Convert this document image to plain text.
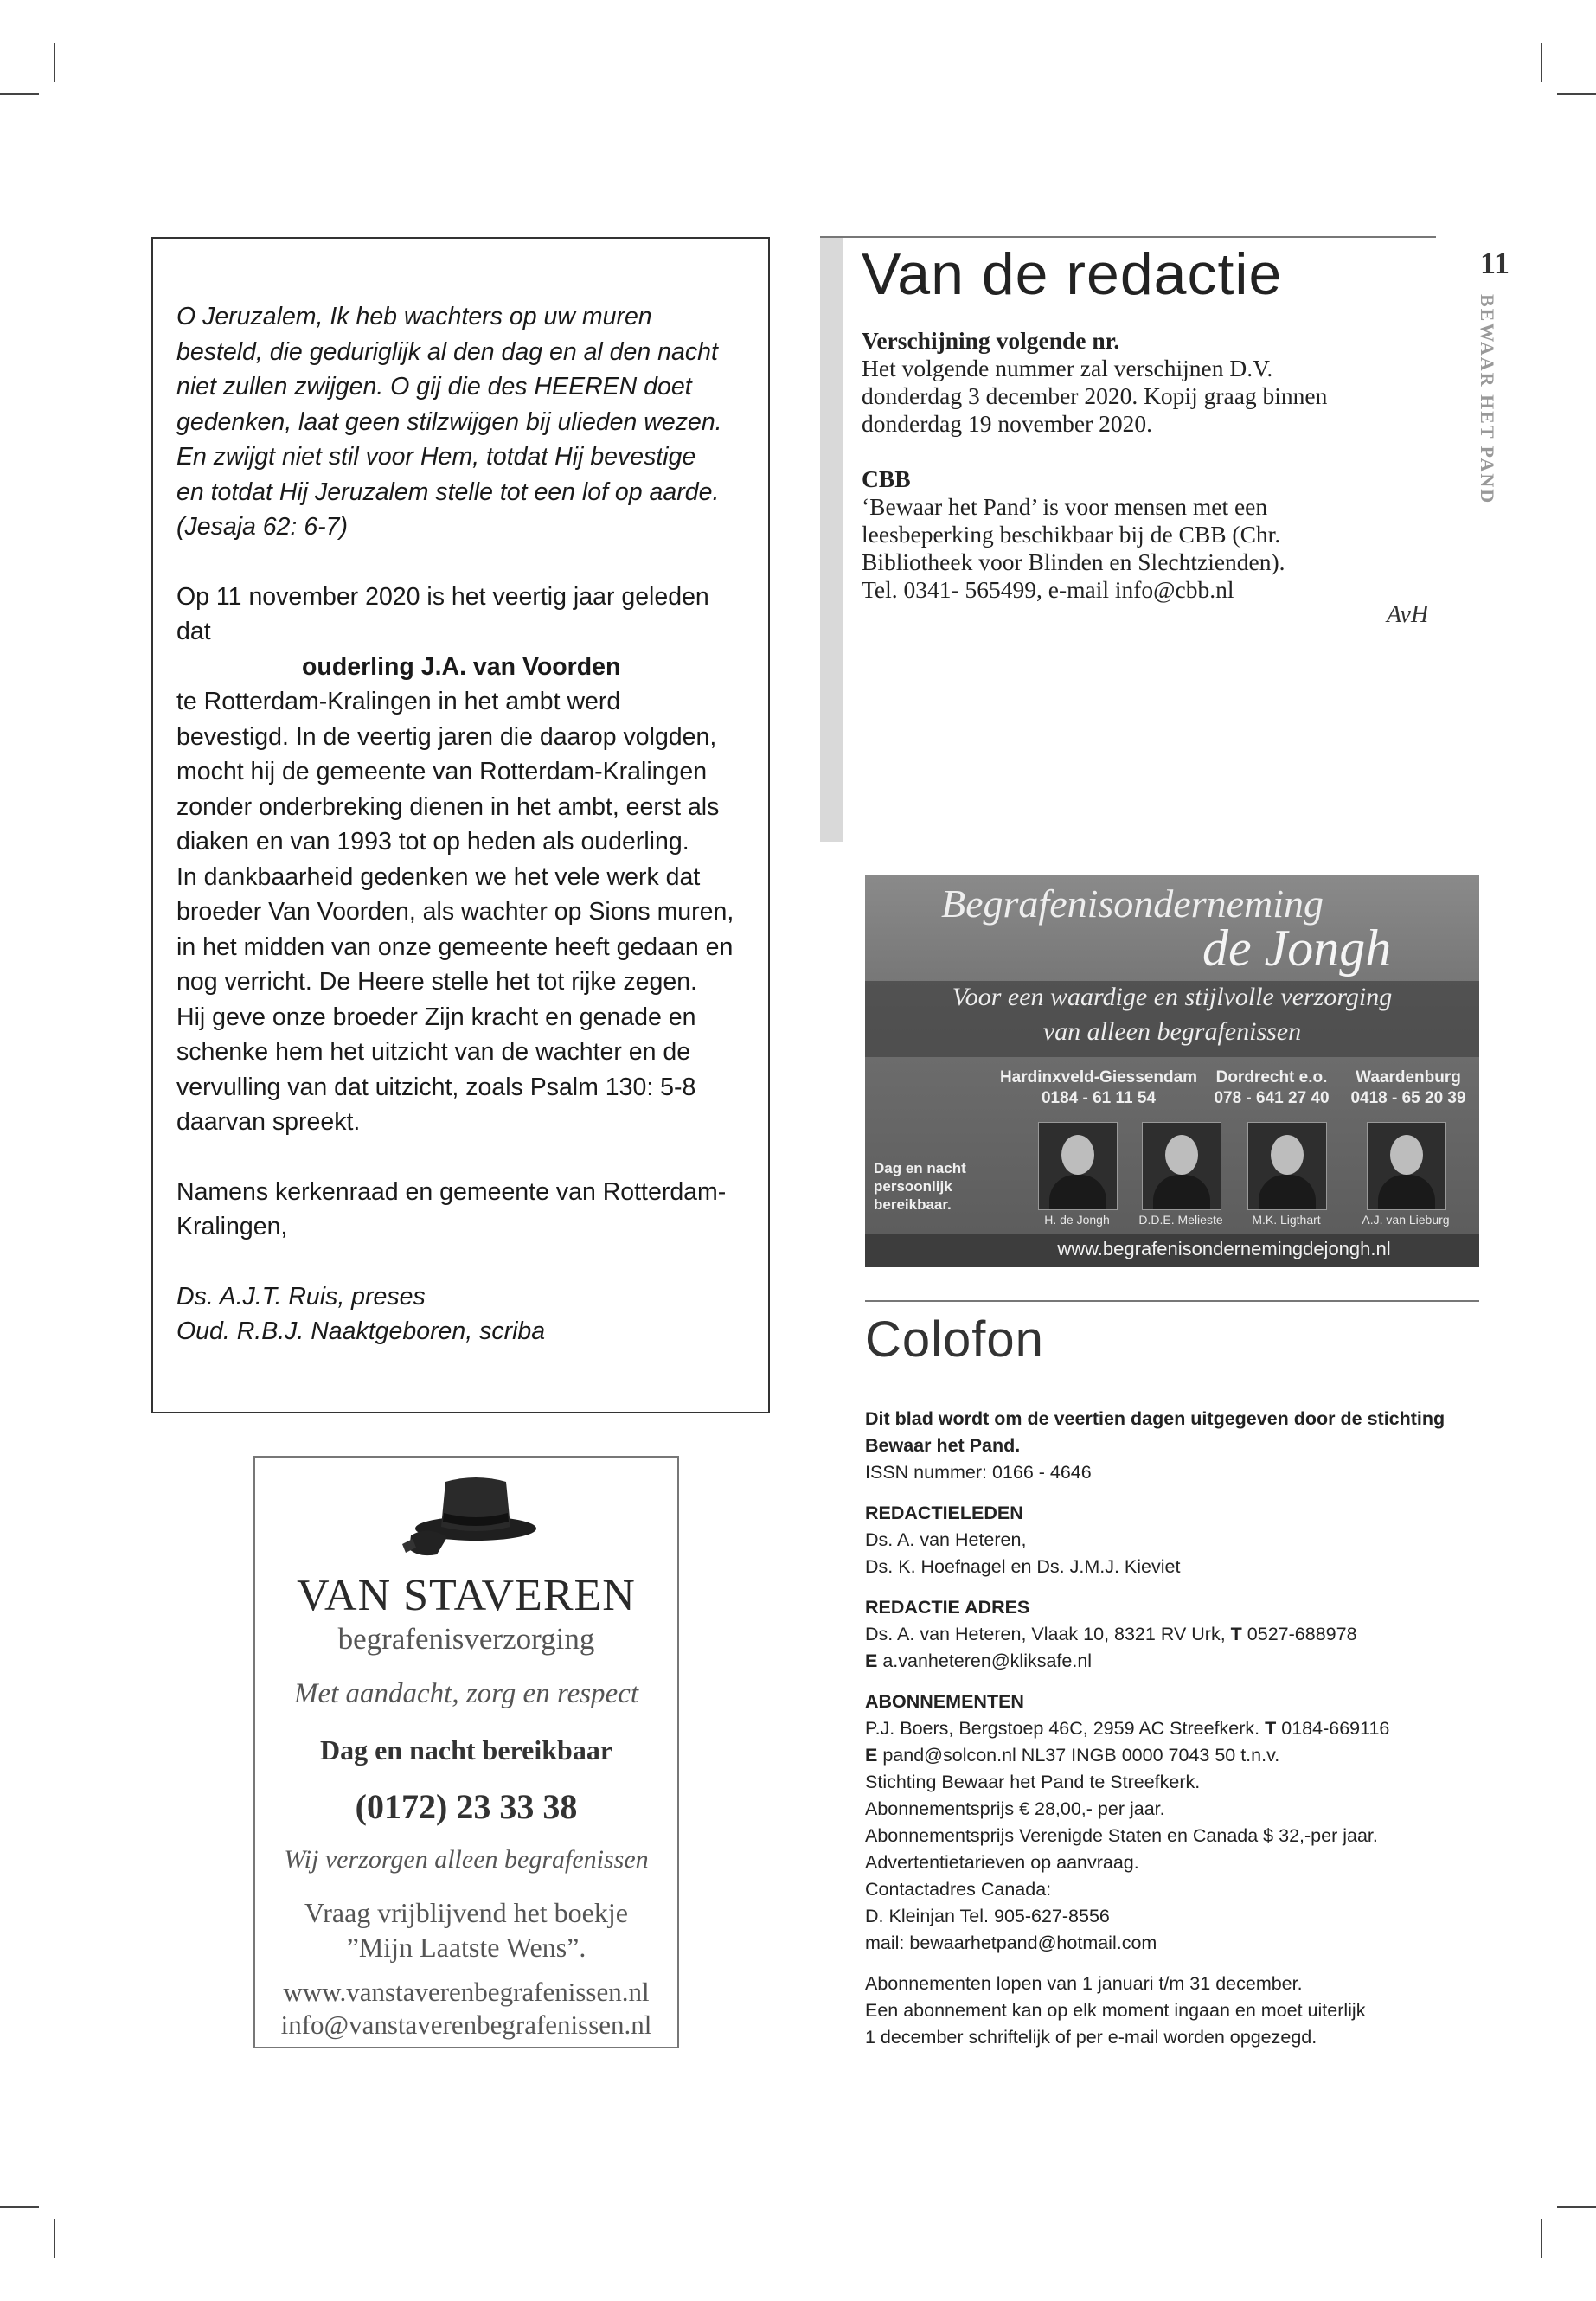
O Jeruzalem, Ik heb wachters op uw muren

besteld, die geduriglijk al den dag en al den nacht

niet zullen zwijgen. O gij die des HEEREN doet

gedenken, laat geen stilzwijgen bij ulieden wezen.

En zwijgt niet stil voor Hem, totdat Hij bevestige

en totdat Hij Jeruzalem stelle tot een lof op aarde.

(Jesaja 62: 6-7)

Op 11 november 2020 is het veertig jaar geleden

dat

ouderling J.A. van Voorden

te Rotterdam-Kralingen in het ambt werd

bevestigd. In de veertig jaren die daarop volgden,

mocht hij de gemeente van Rotterdam-Kralingen

zonder onderbreking dienen in het ambt, eerst als

diaken en van 1993 tot op heden als ouderling.

In dankbaarheid gedenken we het vele werk dat

broeder Van Voorden, als wachter op Sions muren,

in het midden van onze gemeente heeft gedaan en

nog verricht. De Heere stelle het tot rijke zegen.

Hij geve onze broeder Zijn kracht en genade en

schenke hem het uitzicht van de wachter en de

vervulling van dat uitzicht, zoals Psalm 130: 5-8

daarvan spreekt.

Namens kerkenraad en gemeente van Rotterdam-

Kralingen,

Ds. A.J.T. Ruis, preses

Oud. R.B.J. Naaktgeboren, scriba

VAN STAVEREN
begrafenisverzorging
Met aandacht, zorg en respect
Dag en nacht bereikbaar
(0172) 23 33 38
Wij verzorgen alleen begrafenissen
Vraag vrijblijvend het boekje
”Mijn Laatste Wens”.
www.vanstaverenbegrafenissen.nl
info@vanstaverenbegrafenissen.nl
Van de redactie
Verschijning volgende nr.

Het volgende nummer zal verschijnen D.V.

donderdag 3 december 2020. Kopij graag binnen

donderdag 19 november 2020.

CBB

‘Bewaar het Pand’ is voor mensen met een

leesbeperking beschikbaar bij de CBB (Chr.

Bibliotheek voor Blinden en Slechtzienden).

Tel. 0341- 565499, e-mail info@cbb.nl

AvH
11
BEWAAR HET PAND
Begrafenisonderneming
de Jongh
Voor een waardige en stijlvolle verzorging
van alleen begrafenissen
Hardinxveld-Giessendam
0184 - 61 11 54
Dordrecht e.o.
078 - 641 27 40
Waardenburg
0418 - 65 20 39
Dag en nacht
persoonlijk
bereikbaar.
H. de Jongh	D.D.E. Melieste	M.K. Ligthart	A.J. van Lieburg
www.begrafenisondernemingdejongh.nl
Colofon

Dit blad wordt om de veertien dagen uitgegeven door de stichting

Bewaar het Pand.

ISSN nummer: 0166 - 4646

REDACTIELEDEN

Ds. A. van Heteren,

Ds. K. Hoefnagel en Ds. J.M.J. Kieviet

REDACTIE ADRES

Ds. A. van Heteren, Vlaak 10, 8321 RV Urk, T 0527-688978

E a.vanheteren@kliksafe.nl

ABONNEMENTEN

P.J. Boers, Bergstoep 46C, 2959 AC Streefkerk. T 0184-669116

E pand@solcon.nl NL37 INGB 0000 7043 50 t.n.v.

Stichting Bewaar het Pand te Streefkerk.

Abonnementsprijs € 28,00,- per jaar.

Abonnementsprijs Verenigde Staten en Canada $ 32,-per jaar.

Advertentietarieven op aanvraag.

Contactadres Canada:

D. Kleinjan Tel. 905-627-8556

mail: bewaarhetpand@hotmail.com

Abonnementen lopen van 1 januari t/m 31 december.

Een abonnement kan op elk moment ingaan en moet uiterlijk

1 december schriftelijk of per e-mail worden opgezegd.
